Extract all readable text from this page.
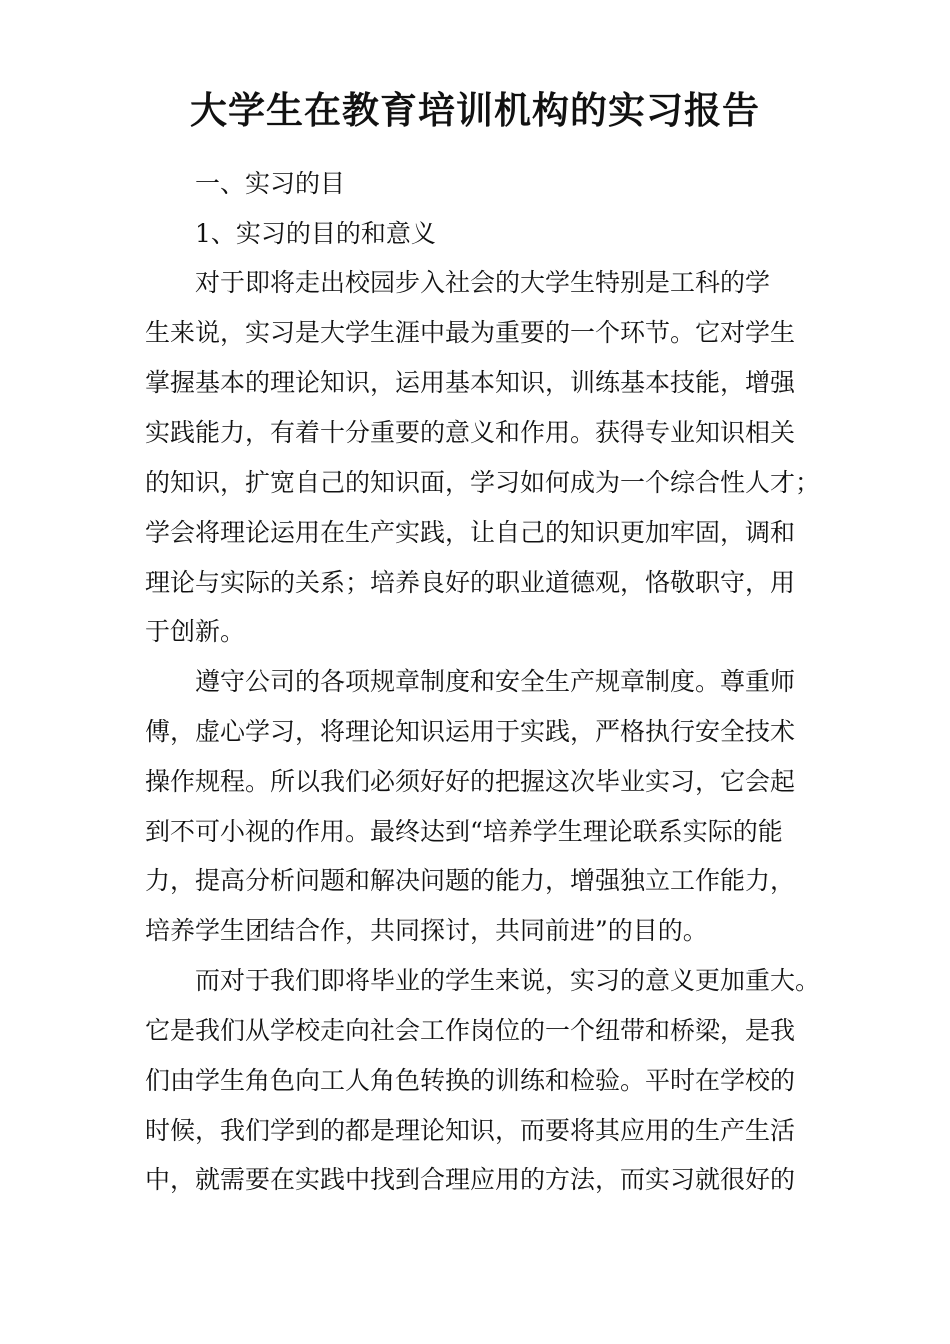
大学生在教育培训机构的实习报告

一、实习的目

1、实习的目的和意义

对于即将走出校园步入社会的大学生特别是工科的学

生来说，实习是大学生涯中最为重要的一个环节。它对学生

掌握基本的理论知识，运用基本知识，训练基本技能，增强

实践能力，有着十分重要的意义和作用。获得专业知识相关

的知识，扩宽自己的知识面，学习如何成为一个综合性人才；

学会将理论运用在生产实践，让自己的知识更加牢固，调和

理论与实际的关系；培养良好的职业道德观，恪敬职守，用

于创新。

遵守公司的各项规章制度和安全生产规章制度。尊重师

傅，虚心学习，将理论知识运用于实践，严格执行安全技术

操作规程。所以我们必须好好的把握这次毕业实习，它会起

到不可小视的作用。最终达到“培养学生理论联系实际的能

力，提高分析问题和解决问题的能力，增强独立工作能力，

培养学生团结合作，共同探讨，共同前进”的目的。

而对于我们即将毕业的学生来说，实习的意义更加重大。

它是我们从学校走向社会工作岗位的一个纽带和桥梁，是我

们由学生角色向工人角色转换的训练和检验。平时在学校的

时候，我们学到的都是理论知识，而要将其应用的生产生活

中，就需要在实践中找到合理应用的方法，而实习就很好的
